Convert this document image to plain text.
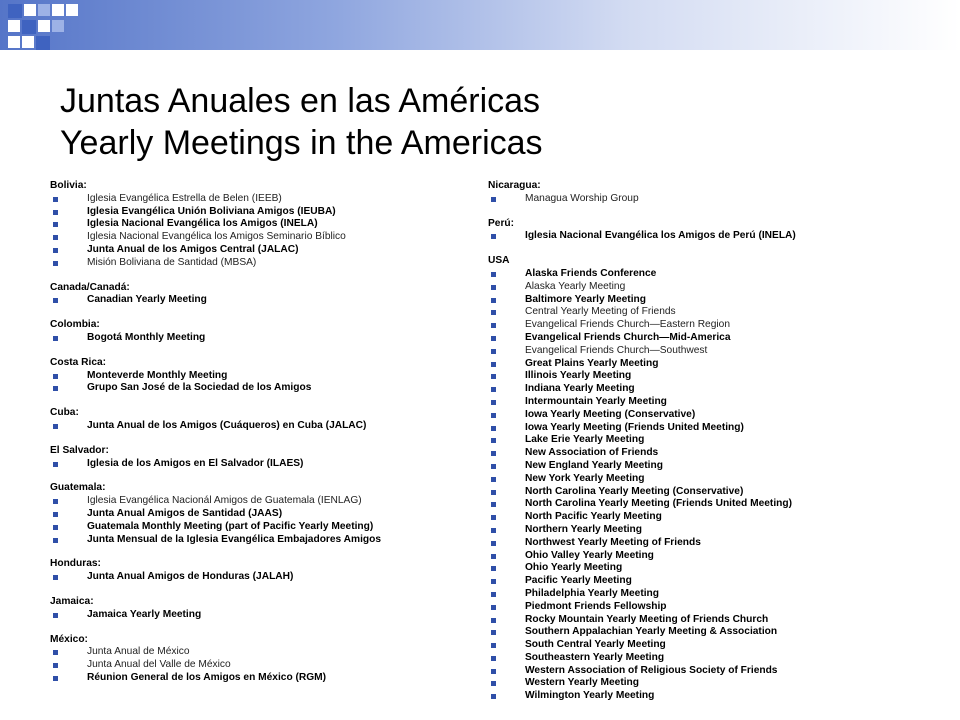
Juntas Anuales en las Américas
Yearly Meetings in the Americas
Bolivia:
Iglesia Evangélica Estrella de Belen (IEEB)
Iglesia Evangélica Unión Boliviana Amigos (IEUBA)
Iglesia Nacional Evangélica los Amigos (INELA)
Iglesia Nacional Evangélica los Amigos Seminario Bíblico
Junta Anual de los Amigos Central (JALAC)
Misión Boliviana de Santidad (MBSA)
Canada/Canadá:
Canadian Yearly Meeting
Colombia:
Bogotá Monthly Meeting
Costa Rica:
Monteverde Monthly Meeting
Grupo San José de la Sociedad de los Amigos
Cuba:
Junta Anual de los Amigos (Cuáqueros) en Cuba (JALAC)
El Salvador:
Iglesia de los Amigos en El Salvador (ILAES)
Guatemala:
Iglesia Evangélica Nacionál Amigos de Guatemala (IENLAG)
Junta Anual Amigos de Santidad (JAAS)
Guatemala Monthly Meeting (part of Pacific Yearly Meeting)
Junta Mensual de la Iglesia Evangélica Embajadores Amigos
Honduras:
Junta Anual Amigos de Honduras (JALAH)
Jamaica:
Jamaica Yearly Meeting
México:
Junta Anual de México
Junta Anual del Valle de México
Réunion General de los Amigos en México (RGM)
Nicaragua:
Managua Worship Group
Perú:
Iglesia Nacional Evangélica los Amigos de Perú (INELA)
USA
Alaska Friends Conference
Alaska Yearly Meeting
Baltimore Yearly Meeting
Central Yearly Meeting of Friends
Evangelical Friends Church—Eastern Region
Evangelical Friends Church—Mid-America
Evangelical Friends Church—Southwest
Great Plains Yearly Meeting
Illinois Yearly Meeting
Indiana Yearly Meeting
Intermountain Yearly Meeting
Iowa Yearly Meeting (Conservative)
Iowa Yearly Meeting (Friends United Meeting)
Lake Erie Yearly Meeting
New Association of Friends
New England Yearly Meeting
New York Yearly Meeting
North Carolina Yearly Meeting (Conservative)
North Carolina Yearly Meeting (Friends United Meeting)
North Pacific Yearly Meeting
Northern Yearly Meeting
Northwest Yearly Meeting of Friends
Ohio Valley Yearly Meeting
Ohio Yearly Meeting
Pacific Yearly Meeting
Philadelphia Yearly Meeting
Piedmont Friends Fellowship
Rocky Mountain Yearly Meeting of Friends Church
Southern Appalachian Yearly Meeting & Association
South Central Yearly Meeting
Southeastern Yearly Meeting
Western Association of Religious Society of Friends
Western Yearly Meeting
Wilmington Yearly Meeting
